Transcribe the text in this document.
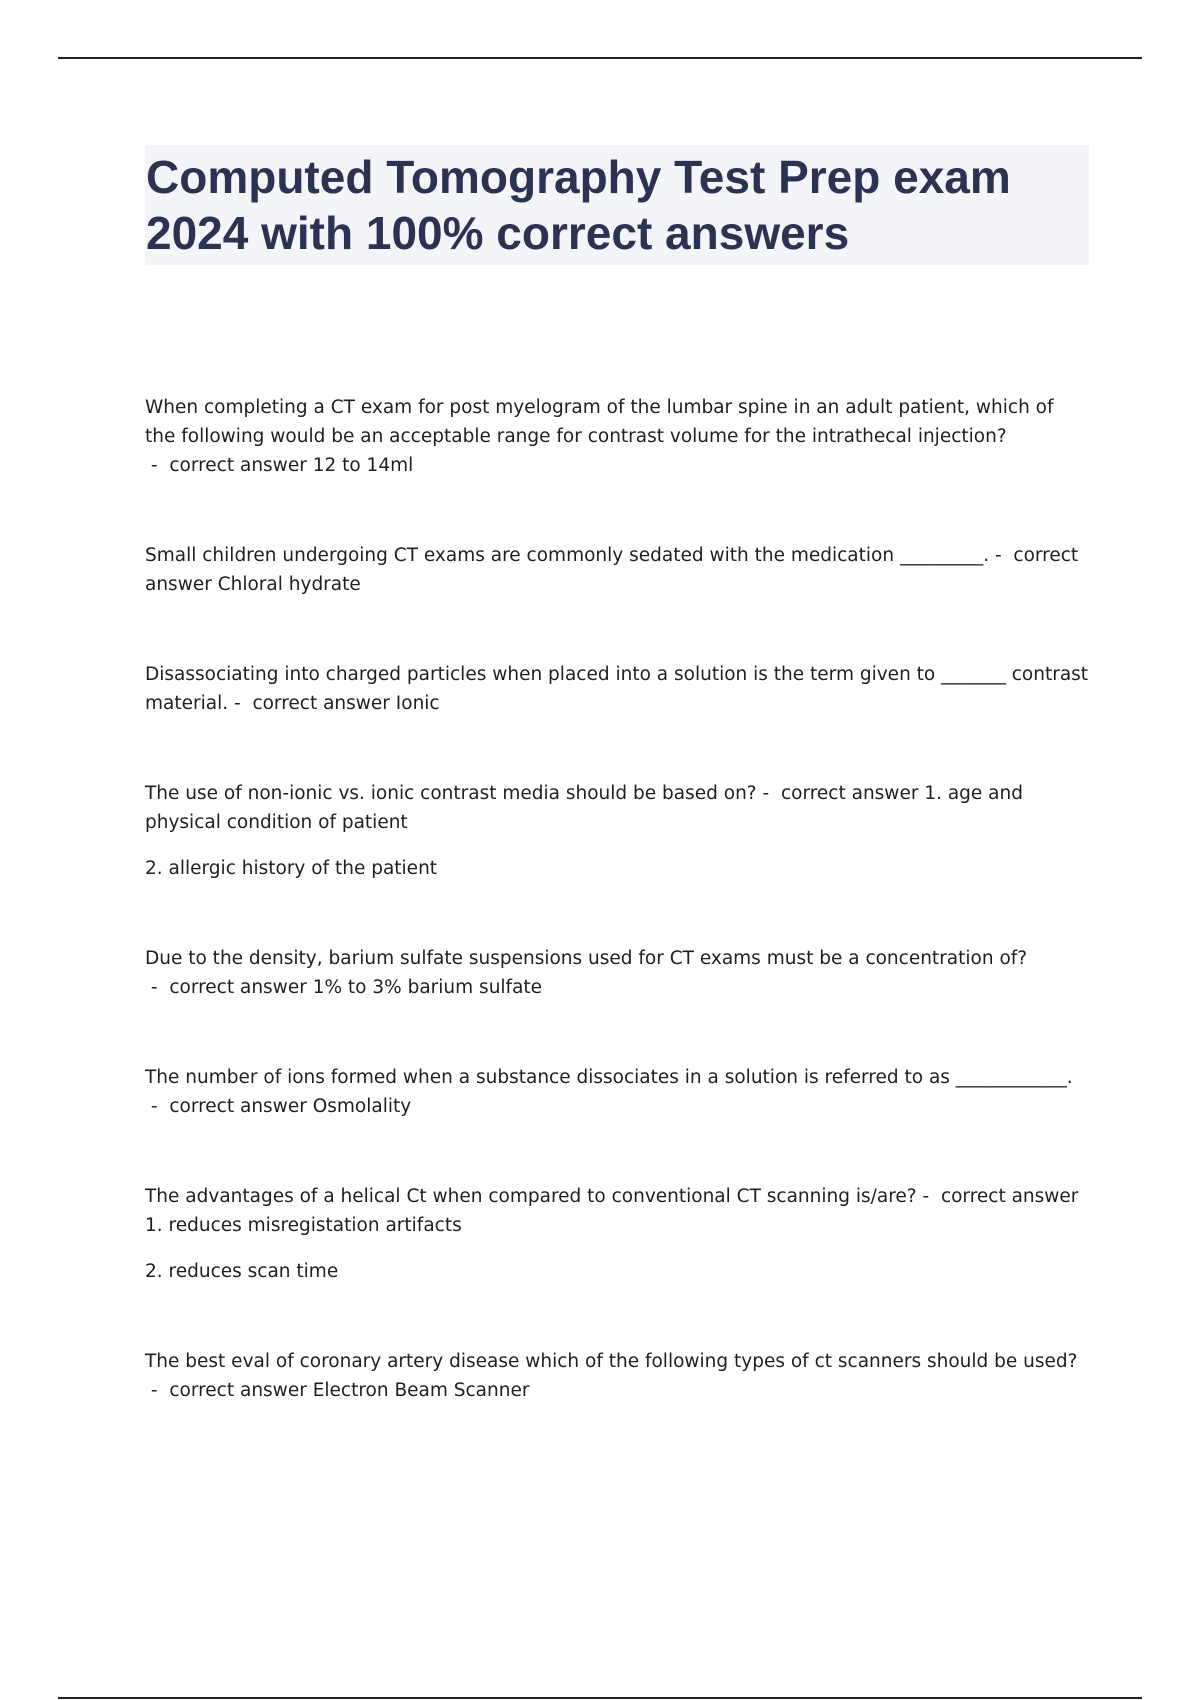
Computed Tomography Test Prep exam 2024 with 100% correct answers

When completing a CT exam for post myelogram of the lumbar spine in an adult patient, which of the following would be an acceptable range for contrast volume for the intrathecal injection? -  correct answer 12 to 14ml

Small children undergoing CT exams are commonly sedated with the medication _________. -  correct answer Chloral hydrate

Disassociating into charged particles when placed into a solution is the term given to _______ contrast material. -  correct answer Ionic

The use of non-ionic vs. ionic contrast media should be based on? -  correct answer 1. age and physical condition of patient

2. allergic history of the patient

Due to the density, barium sulfate suspensions used for CT exams must be a concentration of? -  correct answer 1% to 3% barium sulfate

The number of ions formed when a substance dissociates in a solution is referred to as ____________. -  correct answer Osmolality

The advantages of a helical Ct when compared to conventional CT scanning is/are? -  correct answer 1. reduces misregistation artifacts

2. reduces scan time

The best eval of coronary artery disease which of the following types of ct scanners should be used? -  correct answer Electron Beam Scanner
